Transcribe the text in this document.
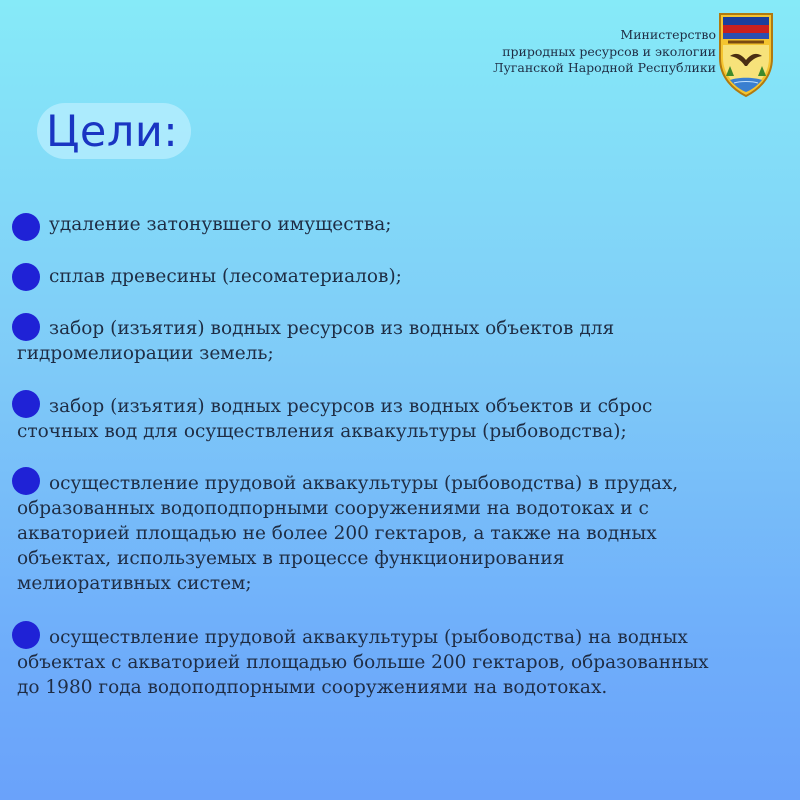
Министерство
природных ресурсов и экологии
Луганской Народной Республики
Цели:
удаление затонувшего имущества;
сплав древесины (лесоматериалов);
забор (изъятия) водных ресурсов из водных объектов для
гидромелиорации земель;
забор (изъятия) водных ресурсов из водных объектов и сброс
сточных вод для осуществления аквакультуры (рыбоводства);
осуществление прудовой аквакультуры (рыбоводства) в прудах,
образованных водоподпорными сооружениями на водотоках и с
акваторией площадью не более 200 гектаров, а также на водных
объектах, используемых в процессе функционирования
мелиоративных систем;
осуществление прудовой аквакультуры (рыбоводства) на водных
объектах с акваторией площадью больше 200 гектаров, образованных
до 1980 года водоподпорными сооружениями на водотоках.
